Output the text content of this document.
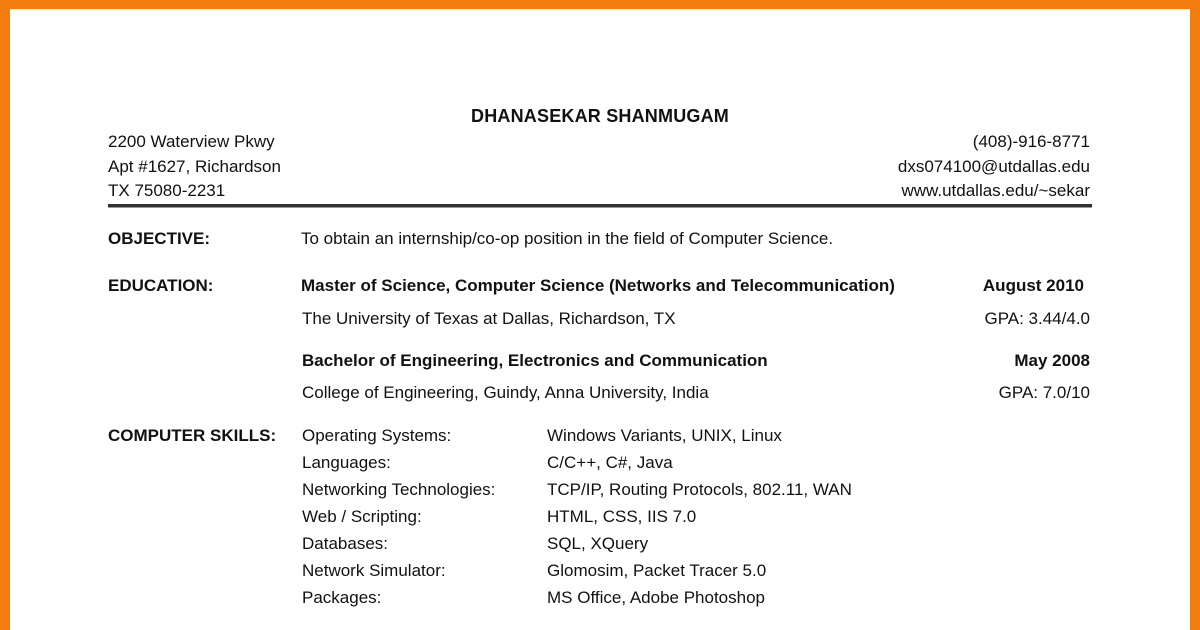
DHANASEKAR SHANMUGAM
2200 Waterview Pkwy
Apt #1627, Richardson
TX 75080-2231
(408)-916-8771
dxs074100@utdallas.edu
www.utdallas.edu/~sekar
OBJECTIVE:	To obtain an internship/co-op position in the field of Computer Science.
EDUCATION:	Master of Science, Computer Science (Networks and Telecommunication)	August 2010
The University of Texas at Dallas, Richardson, TX	GPA: 3.44/4.0
Bachelor of Engineering, Electronics and Communication	May 2008
College of Engineering, Guindy, Anna University, India	GPA: 7.0/10
COMPUTER SKILLS: Operating Systems:	Windows Variants, UNIX, Linux
Languages:	C/C++, C#, Java
Networking Technologies:	TCP/IP, Routing Protocols, 802.11, WAN
Web / Scripting:	HTML, CSS, IIS 7.0
Databases:	SQL, XQuery
Network Simulator:	Glomosim, Packet Tracer 5.0
Packages:	MS Office, Adobe Photoshop
